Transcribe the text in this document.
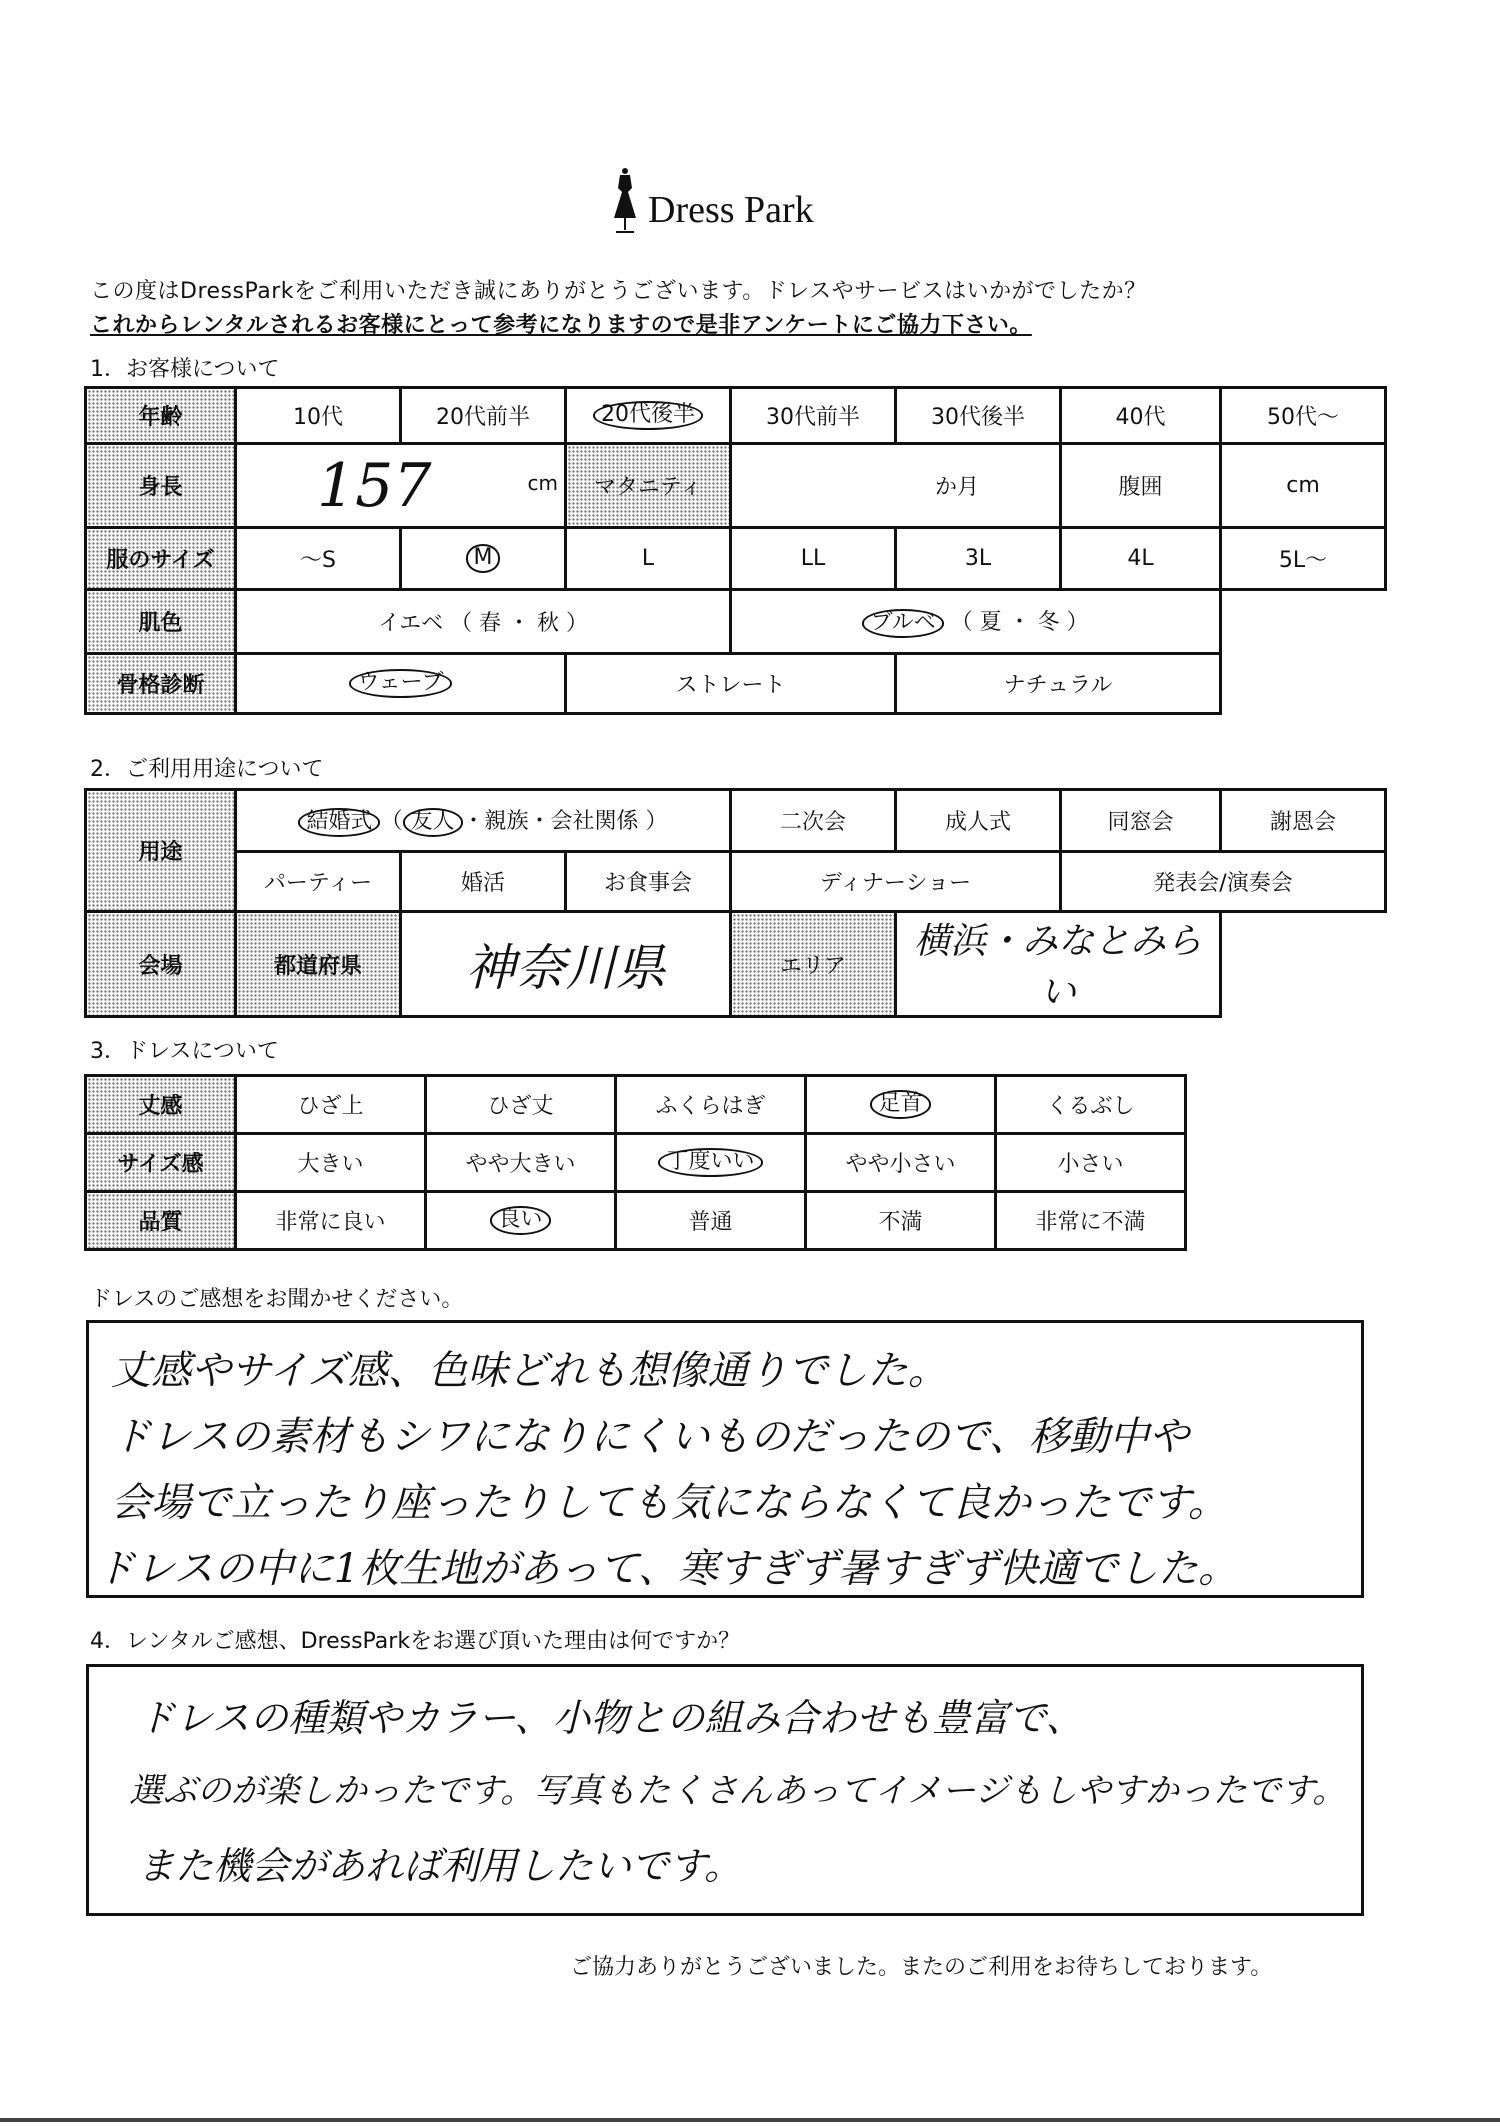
Dress Park
この度はDressParkをご利用いただき誠にありがとうございます。ドレスやサービスはいかがでしたか？
これからレンタルされるお客様にとって参考になりますので是非アンケートにご協力下さい。
1．お客様について
年齢	10代	20代前半	20代後半	30代前半	30代後半	40代	50代～
身長	157 cm		マタニティ	か月		腹囲	cm
服のサイズ	～S	M	L	LL	3L	4L	5L～
肌色	イエベ （ 春 ・ 秋 ）			ブルベ （ 夏 ・ 冬 ）			
骨格診断	ウェーブ		ストレート		ナチュラル		
2．ご利用用途について
用途	結婚式 （ 友人 ・親族・会社関係 ）			二次会	成人式	同窓会	謝恩会
	パーティー	婚活	お食事会	ディナーショー		発表会/演奏会	
会場	都道府県	神奈川県		エリア	横浜・みなとみらい		
3．ドレスについて
丈感	ひざ上	ひざ丈	ふくらはぎ	足首	くるぶし
サイズ感	大きい	やや大きい	丁度いい	やや小さい	小さい
品質	非常に良い	良い	普通	不満	非常に不満
ドレスのご感想をお聞かせください。

丈感やサイズ感、色味どれも想像通りでした。

ドレスの素材もシワになりにくいものだったので、移動中や

会場で立ったり座ったりしても気にならなくて良かったです。

ドレスの中に1枚生地があって、寒すぎず暑すぎず快適でした。

4．レンタルご感想、DressParkをお選び頂いた理由は何ですか？

ドレスの種類やカラー、小物との組み合わせも豊富で、

選ぶのが楽しかったです。写真もたくさんあってイメージもしやすかったです。

また機会があれば利用したいです。

ご協力ありがとうございました。またのご利用をお待ちしております。
